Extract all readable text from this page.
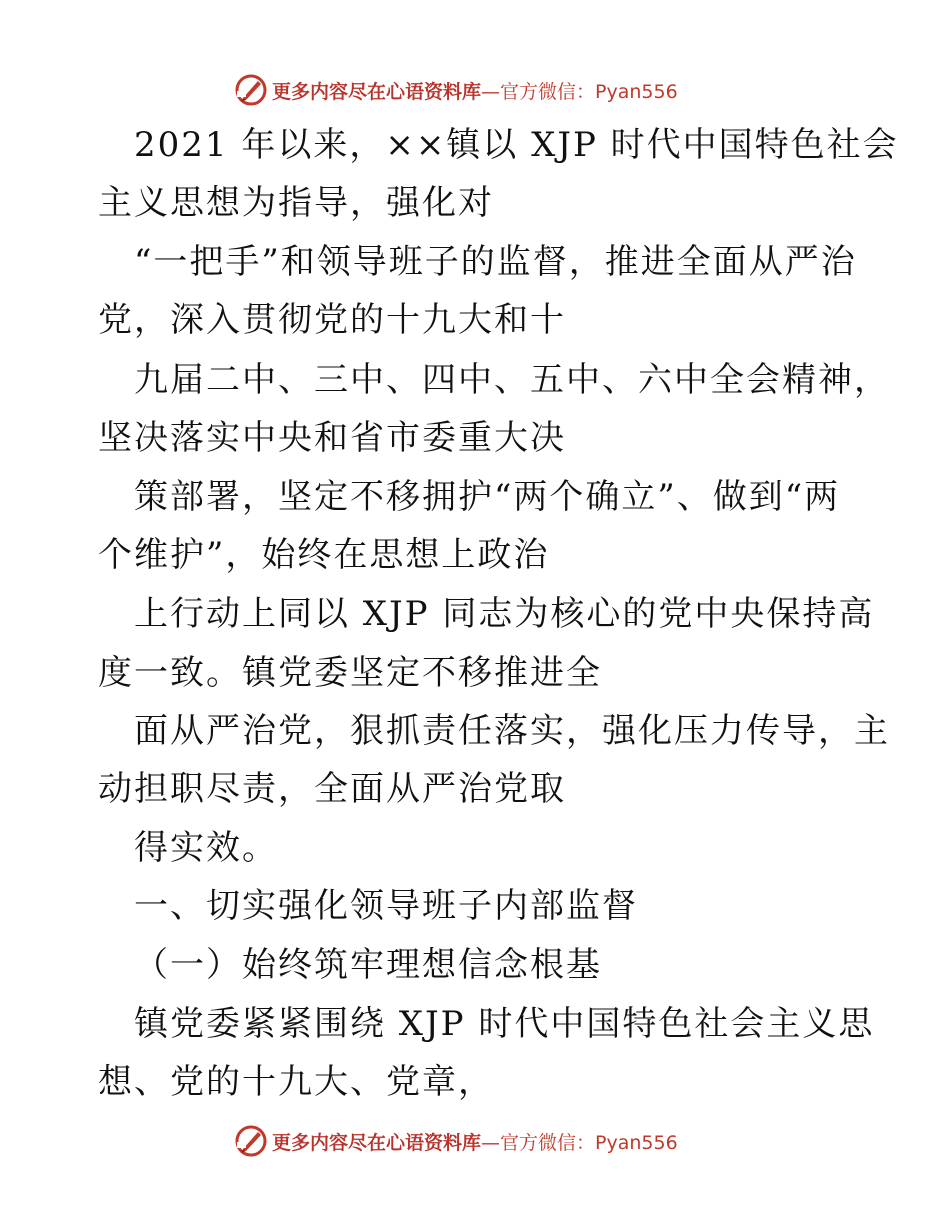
更多内容尽在心语资料库—官方微信：Pyan556
2021 年以来，××镇以 XJP 时代中国特色社会
主义思想为指导，强化对
“一把手”和领导班子的监督，推进全面从严治
党，深入贯彻党的十九大和十
九届二中、三中、四中、五中、六中全会精神，
坚决落实中央和省市委重大决
策部署，坚定不移拥护“两个确立”、做到“两
个维护”，始终在思想上政治
上行动上同以 XJP 同志为核心的党中央保持高
度一致。镇党委坚定不移推进全
面从严治党，狠抓责任落实，强化压力传导，主
动担职尽责，全面从严治党取
得实效。
一、切实强化领导班子内部监督
（一）始终筑牢理想信念根基
镇党委紧紧围绕 XJP 时代中国特色社会主义思
想、党的十九大、党章，
更多内容尽在心语资料库—官方微信：Pyan556
